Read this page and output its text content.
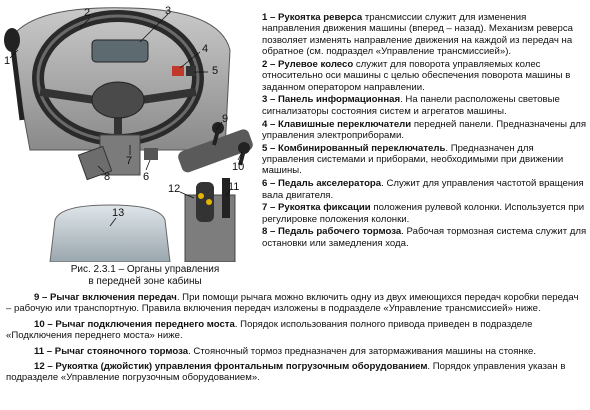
1
2	3
4
5
6
7
8
9
10
11
12
13
Рис. 2.3.1 – Органы управления
в передней зоне кабины

1 – Рукоятка реверса трансмиссии служит для изменения направления движения машины (вперед – назад). Механизм реверса позволяет изменять направление движения на каждой из передач на обратное (см. подраздел «Управление трансмиссией»).

2 – Рулевое колесо служит для поворота управляемых колес относительно оси машины с целью обеспечения поворота машины в заданном оператором направлении.

3 – Панель информационная. На панели расположены световые сигнализаторы состояния систем и агрегатов машины.

4 – Клавишные переключатели передней панели. Предназначены для управления электроприборами.

5 – Комбинированный переключатель. Предназначен для управления системами и приборами, необходимыми при движении машины.

6 – Педаль акселератора. Служит для управления частотой вращения вала двигателя.

7 – Рукоятка фиксации положения рулевой колонки. Используется при регулировке положения колонки.

8 – Педаль рабочего тормоза. Рабочая тормозная система служит для остановки или замедления хода.

9 – Рычаг включения передач. При помощи рычага можно включить одну из двух имеющихся передач коробки передач – рабочую или транспортную. Правила включения передач изложены в подразделе «Управление трансмиссией» ниже.

10 – Рычаг подключения переднего моста. Порядок использования полного привода приведен в подразделе «Подключения переднего моста» ниже.

11 – Рычаг стояночного тормоза. Стояночный тормоз предназначен для затормаживания машины на стоянке.

12 – Рукоятка (джойстик) управления фронтальным погрузочным оборудованием. Порядок управления указан в подразделе «Управление погрузочным оборудованием».
